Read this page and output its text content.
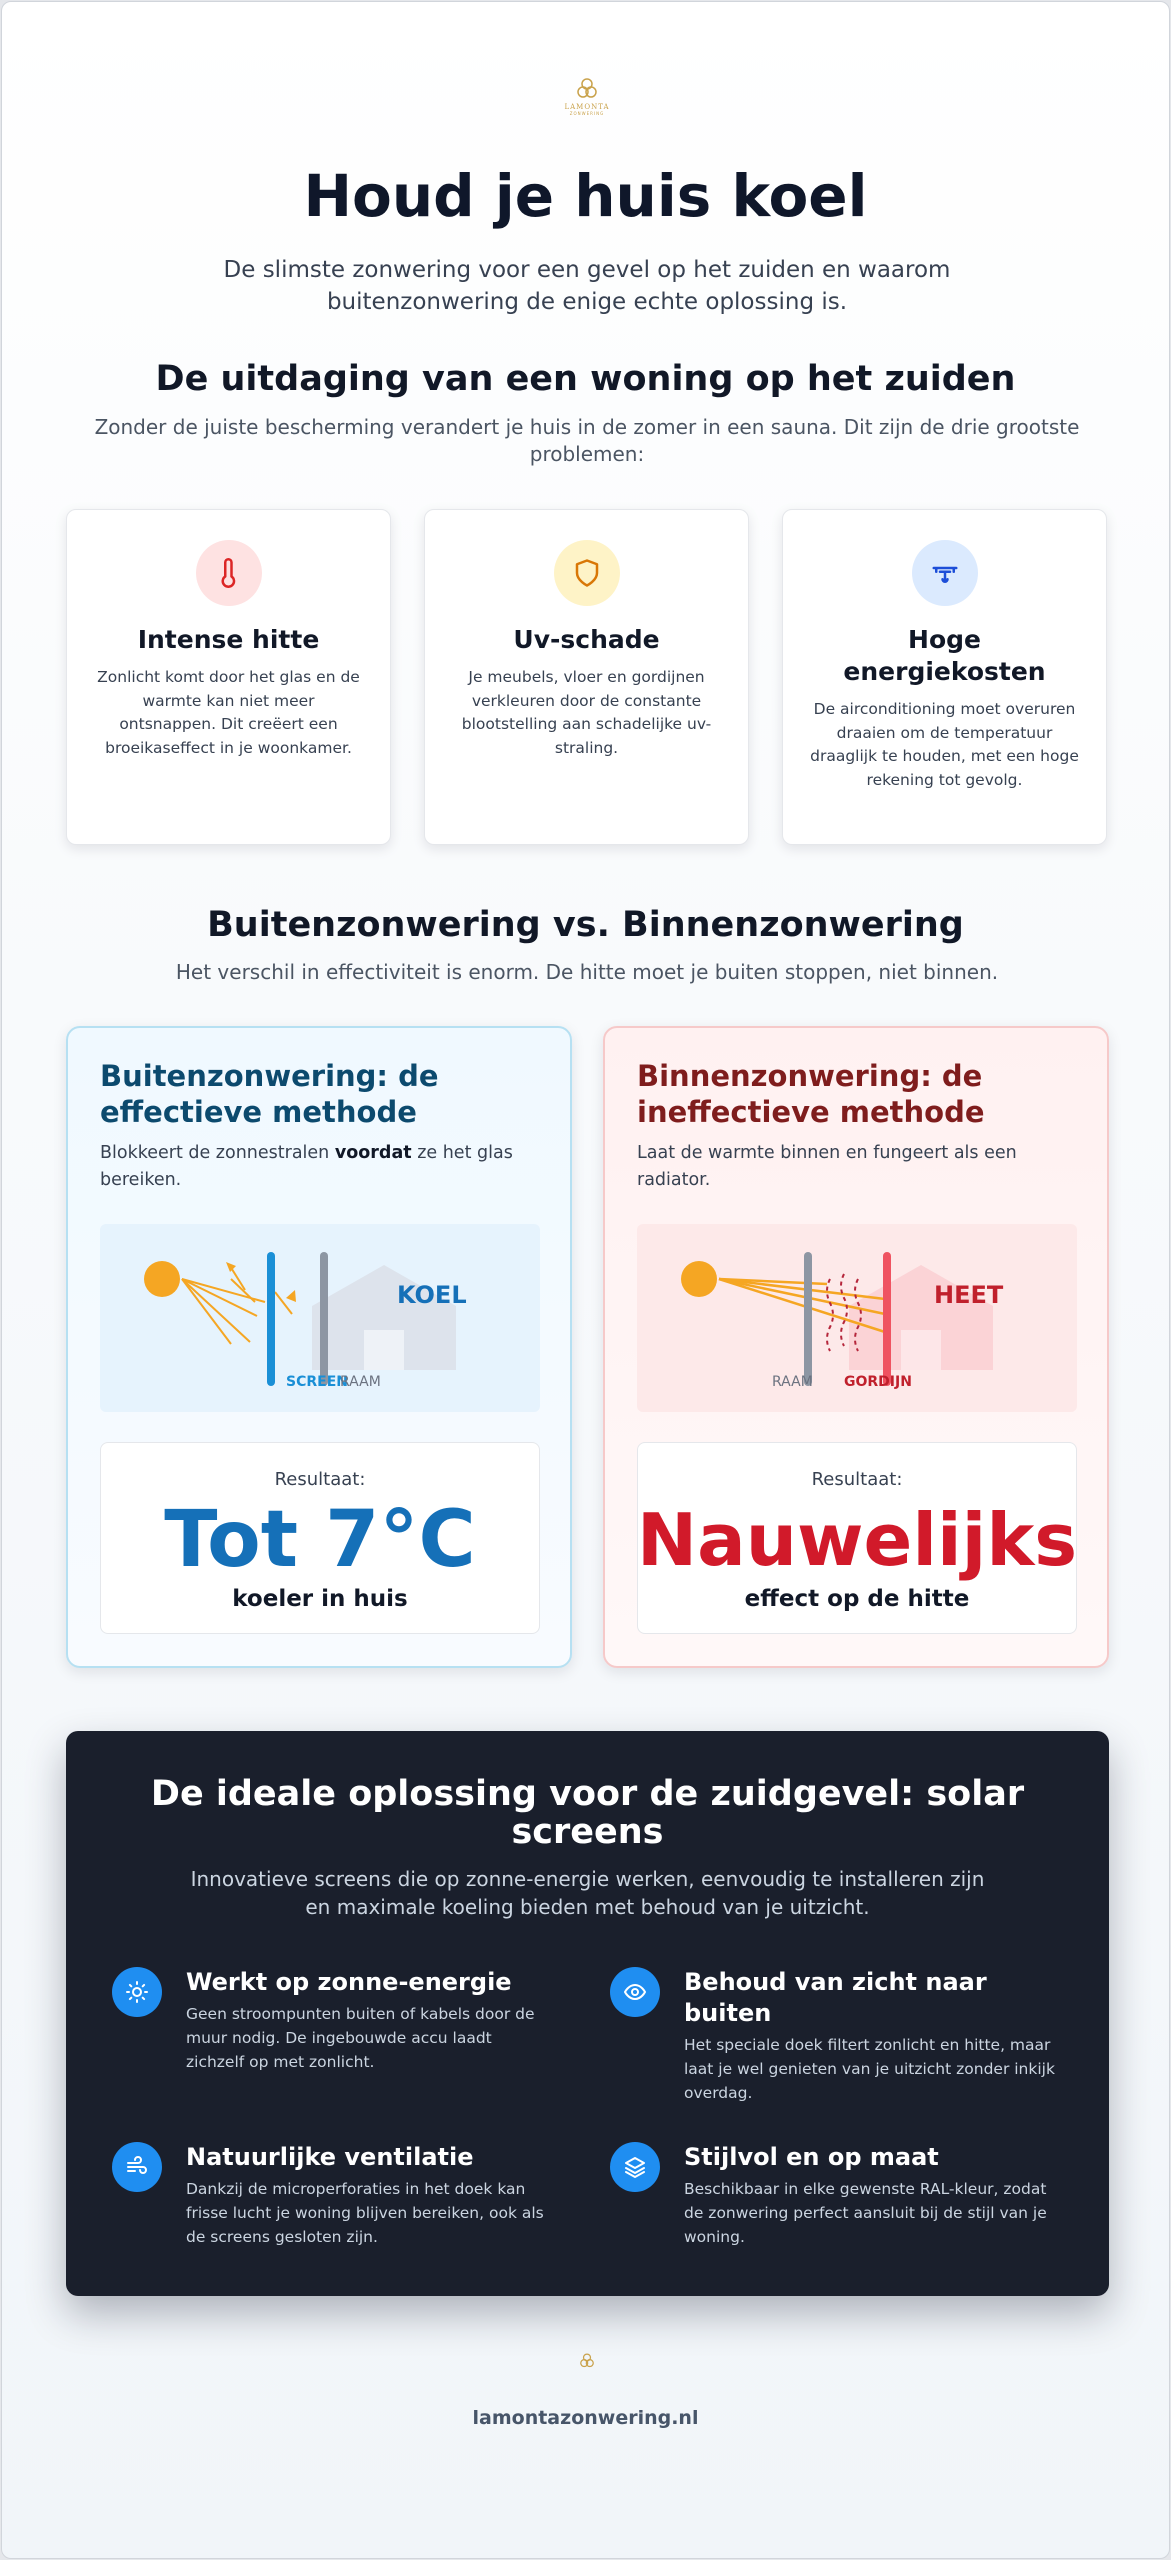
LAMONTA
ZONWERING
Houd je huis koel

De slimste zonwering voor een gevel op het zuiden en waarom buitenzonwering de enige echte oplossing is.

De uitdaging van een woning op het zuiden

Zonder de juiste bescherming verandert je huis in de zomer in een sauna. Dit zijn de drie grootste problemen:

Intense hitte

Zonlicht komt door het glas en de warmte kan niet meer ontsnappen. Dit creëert een broeikaseffect in je woonkamer.

Uv-schade

Je meubels, vloer en gordijnen verkleuren door de constante blootstelling aan schadelijke uv-straling.

Hoge energiekosten

De airconditioning moet overuren draaien om de temperatuur draaglijk te houden, met een hoge rekening tot gevolg.

Buitenzonwering vs. Binnenzonwering

Het verschil in effectiviteit is enorm. De hitte moet je buiten stoppen, niet binnen.

Buitenzonwering: de effectieve methode

Blokkeert de zonnestralen voordat ze het glas bereiken.

KOEL
SCREEN
RAAM
Resultaat:
Tot 7°C
koeler in huis
Binnenzonwering: de ineffectieve methode

Laat de warmte binnen en fungeert als een radiator.

HEET
RAAM GORDIJN
Resultaat:
Nauwelijks
effect op de hitte
De ideale oplossing voor de zuidgevel: solar screens

Innovatieve screens die op zonne-energie werken, eenvoudig te installeren zijn en maximale koeling bieden met behoud van je uitzicht.

Werkt op zonne-energie
Geen stroompunten buiten of kabels door de muur nodig. De ingebouwde accu laadt zichzelf op met zonlicht.
Behoud van zicht naar buiten
Het speciale doek filtert zonlicht en hitte, maar laat je wel genieten van je uitzicht zonder inkijk overdag.
Natuurlijke ventilatie
Dankzij de microperforaties in het doek kan frisse lucht je woning blijven bereiken, ook als de screens gesloten zijn.
Stijlvol en op maat
Beschikbaar in elke gewenste RAL-kleur, zodat de zonwering perfect aansluit bij de stijl van je woning.
lamontazonwering.nl
